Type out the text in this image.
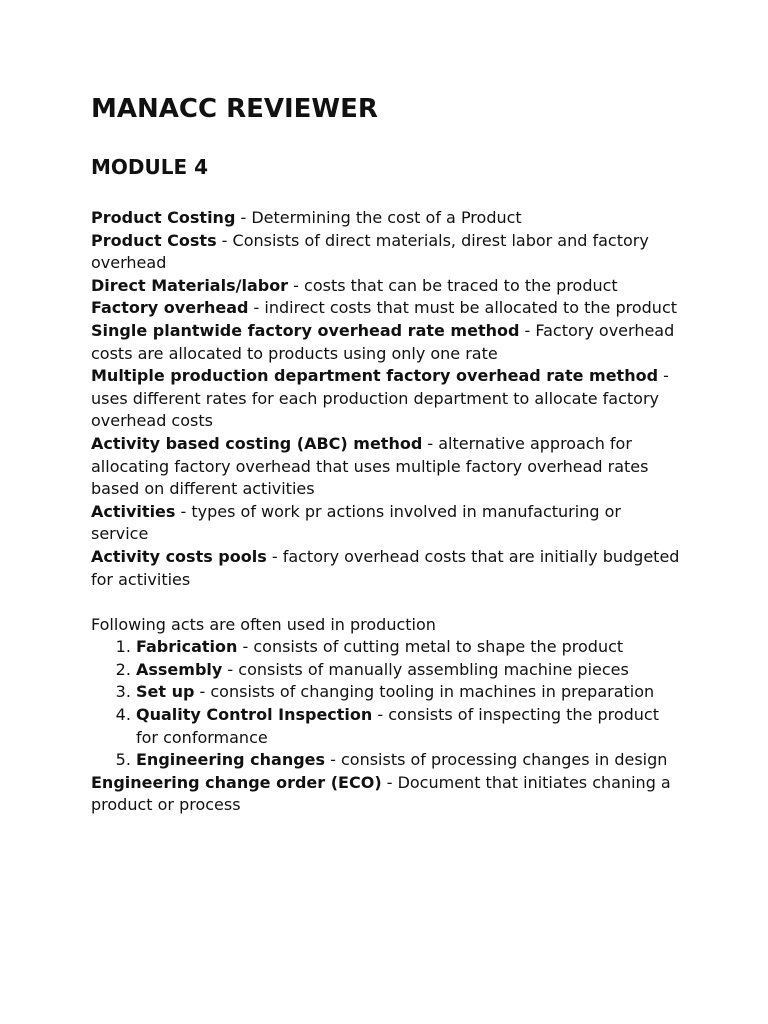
MANACC REVIEWER
MODULE 4

Product Costing - Determining the cost of a Product

Product Costs - Consists of direct materials, direst labor and factory overhead

Direct Materials/labor - costs that can be traced to the product

Factory overhead - indirect costs that must be allocated to the product

Single plantwide factory overhead rate method - Factory overhead costs are allocated to products using only one rate

Multiple production department factory overhead rate method - uses different rates for each production department to allocate factory overhead costs

Activity based costing (ABC) method - alternative approach for allocating factory overhead that uses multiple factory overhead rates based on different activities

Activities - types of work pr actions involved in manufacturing or service

Activity costs pools - factory overhead costs that are initially budgeted for activities

Following acts are often used in production

1. Fabrication - consists of cutting metal to shape the product
2. Assembly - consists of manually assembling machine pieces
3. Set up - consists of changing tooling in machines in preparation
4. Quality Control Inspection - consists of inspecting the product for conformance
5. Engineering changes - consists of processing changes in design

Engineering change order (ECO) - Document that initiates chaning a product or process
